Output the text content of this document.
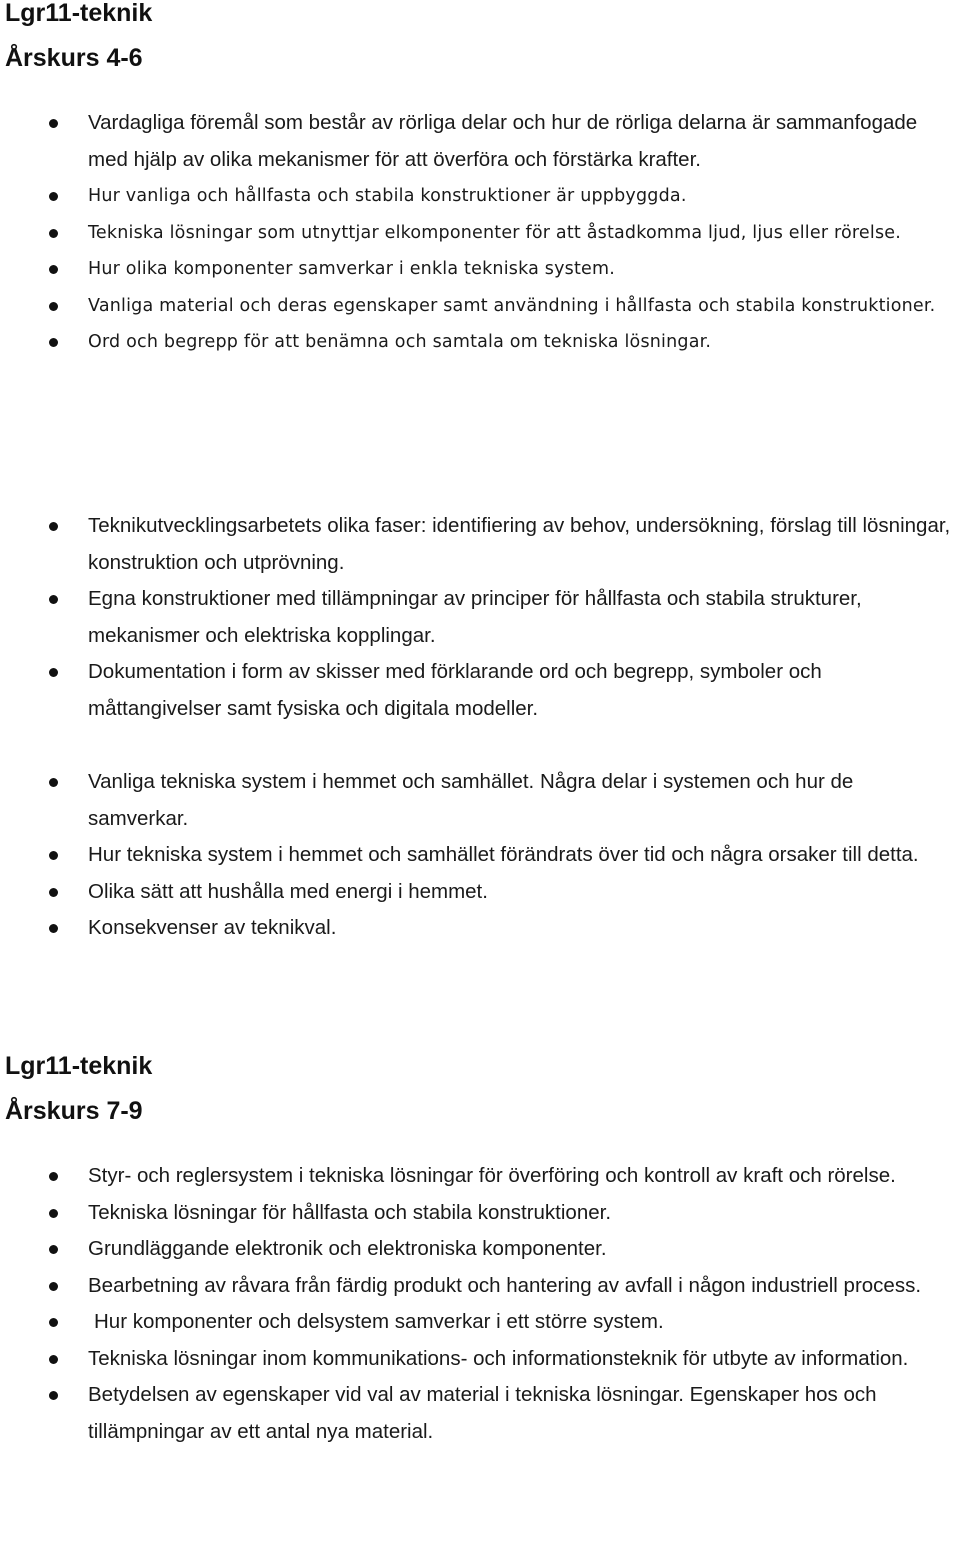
Lgr11-teknik
Årskurs 4-6
Vardagliga föremål som består av rörliga delar och hur de rörliga delarna är sammanfogade med hjälp av olika mekanismer för att överföra och förstärka krafter.
Hur vanliga och hållfasta och stabila konstruktioner är uppbyggda.
Tekniska lösningar som utnyttjar elkomponenter för att åstadkomma ljud, ljus eller rörelse.
Hur olika komponenter samverkar i enkla tekniska system.
Vanliga material och deras egenskaper samt användning i hållfasta och stabila konstruktioner.
Ord och begrepp för att benämna och samtala om tekniska lösningar.
Teknikutvecklingsarbetets olika faser: identifiering av behov, undersökning, förslag till lösningar, konstruktion och utprövning.
Egna konstruktioner med tillämpningar av principer för hållfasta och stabila strukturer, mekanismer och elektriska kopplingar.
Dokumentation i form av skisser med förklarande ord och begrepp, symboler och måttangivelser samt fysiska och digitala modeller.
Vanliga tekniska system i hemmet och samhället. Några delar i systemen och hur de samverkar.
Hur tekniska system i hemmet och samhället förändrats över tid och några orsaker till detta.
Olika sätt att hushålla med energi i hemmet.
Konsekvenser av teknikval.
Lgr11-teknik
Årskurs 7-9
Styr- och reglersystem i tekniska lösningar för överföring och kontroll av kraft och rörelse.
Tekniska lösningar för hållfasta och stabila konstruktioner.
Grundläggande elektronik och elektroniska komponenter.
Bearbetning av råvara från färdig produkt och hantering av avfall i någon industriell process.
Hur komponenter och delsystem samverkar i ett större system.
Tekniska lösningar inom kommunikations- och informationsteknik för utbyte av information.
Betydelsen av egenskaper vid val av material i tekniska lösningar. Egenskaper hos och tillämpningar av ett antal nya material.
